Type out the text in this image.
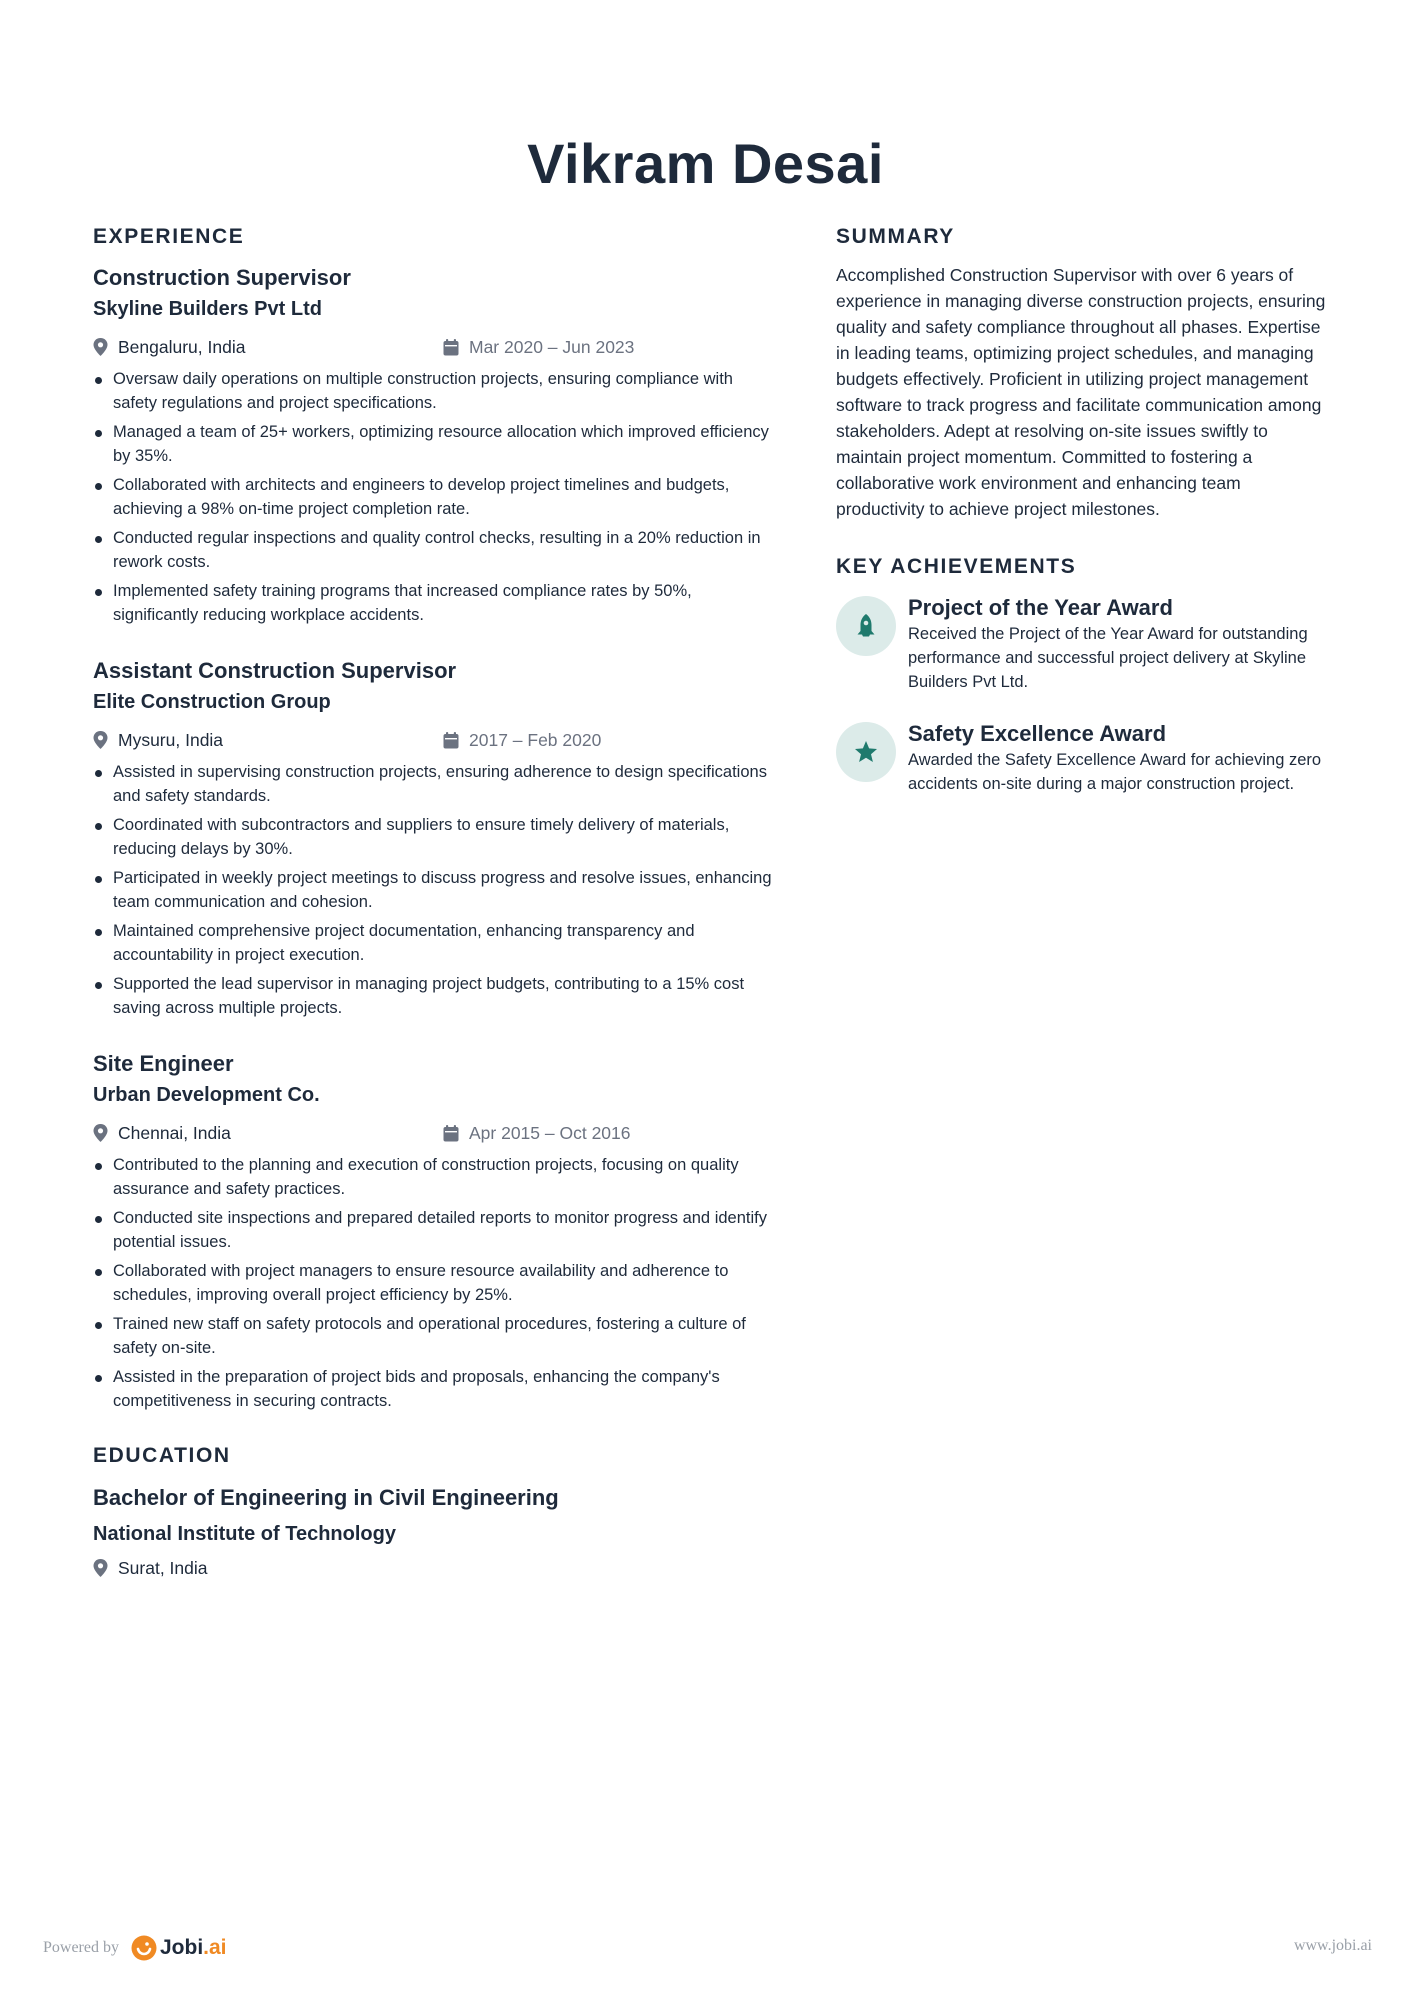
Vikram Desai
EXPERIENCE
Construction Supervisor
Skyline Builders Pvt Ltd
Bengaluru, India	Mar 2020 – Jun 2023
Oversaw daily operations on multiple construction projects, ensuring compliance with safety regulations and project specifications.
Managed a team of 25+ workers, optimizing resource allocation which improved efficiency by 35%.
Collaborated with architects and engineers to develop project timelines and budgets, achieving a 98% on-time project completion rate.
Conducted regular inspections and quality control checks, resulting in a 20% reduction in rework costs.
Implemented safety training programs that increased compliance rates by 50%, significantly reducing workplace accidents.
Assistant Construction Supervisor
Elite Construction Group
Mysuru, India	2017 – Feb 2020
Assisted in supervising construction projects, ensuring adherence to design specifications and safety standards.
Coordinated with subcontractors and suppliers to ensure timely delivery of materials, reducing delays by 30%.
Participated in weekly project meetings to discuss progress and resolve issues, enhancing team communication and cohesion.
Maintained comprehensive project documentation, enhancing transparency and accountability in project execution.
Supported the lead supervisor in managing project budgets, contributing to a 15% cost saving across multiple projects.
Site Engineer
Urban Development Co.
Chennai, India	Apr 2015 – Oct 2016
Contributed to the planning and execution of construction projects, focusing on quality assurance and safety practices.
Conducted site inspections and prepared detailed reports to monitor progress and identify potential issues.
Collaborated with project managers to ensure resource availability and adherence to schedules, improving overall project efficiency by 25%.
Trained new staff on safety protocols and operational procedures, fostering a culture of safety on-site.
Assisted in the preparation of project bids and proposals, enhancing the company's competitiveness in securing contracts.
EDUCATION
Bachelor of Engineering in Civil Engineering
National Institute of Technology
Surat, India
SUMMARY

Accomplished Construction Supervisor with over 6 years of experience in managing diverse construction projects, ensuring quality and safety compliance throughout all phases. Expertise in leading teams, optimizing project schedules, and managing budgets effectively. Proficient in utilizing project management software to track progress and facilitate communication among stakeholders. Adept at resolving on-site issues swiftly to maintain project momentum. Committed to fostering a collaborative work environment and enhancing team productivity to achieve project milestones.

KEY ACHIEVEMENTS
Project of the Year Award
Received the Project of the Year Award for outstanding performance and successful project delivery at Skyline Builders Pvt Ltd.
Safety Excellence Award
Awarded the Safety Excellence Award for achieving zero accidents on-site during a major construction project.
Powered by Jobi.ai	www.jobi.ai
